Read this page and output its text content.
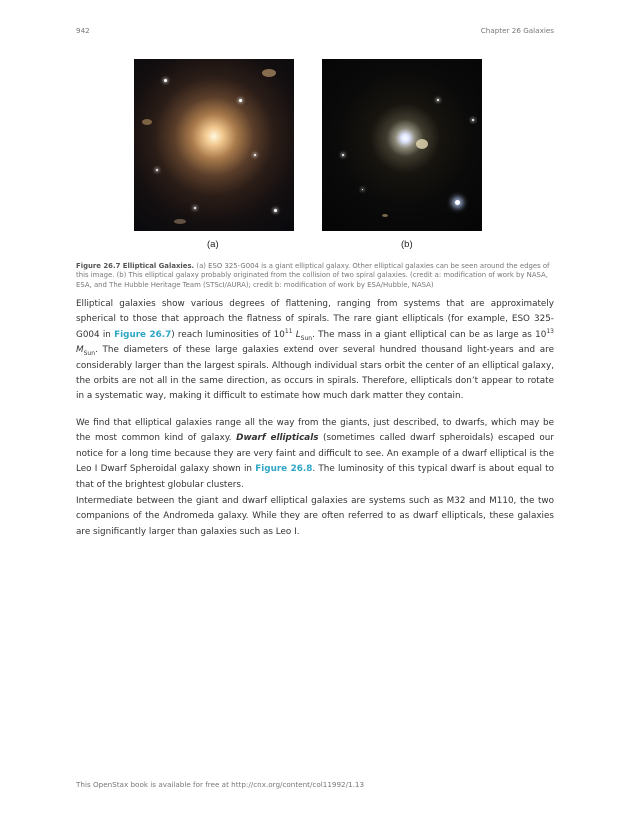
942	Chapter 26 Galaxies
(a)	(b)
Figure 26.7 Elliptical Galaxies. (a) ESO 325-G004 is a giant elliptical galaxy. Other elliptical galaxies can be seen around the edges of this image. (b) This elliptical galaxy probably originated from the collision of two spiral galaxies. (credit a: modification of work by NASA, ESA, and The Hubble Heritage Team (STScI/AURA); credit b: modification of work by ESA/Hubble, NASA)
Elliptical galaxies show various degrees of flattening, ranging from systems that are approximately spherical to those that approach the flatness of spirals. The rare giant ellipticals (for example, ESO 325-G004 in Figure 26.7) reach luminosities of $10^{11}$ $L_{Sun}$. The mass in a giant elliptical can be as large as $10^{13}$ $M_{Sun}$. The diameters of these large galaxies extend over several hundred thousand light-years and are considerably larger than the largest spirals. Although individual stars orbit the center of an elliptical galaxy, the orbits are not all in the same direction, as occurs in spirals. Therefore, ellipticals don’t appear to rotate in a systematic way, making it difficult to estimate how much dark matter they contain.
We find that elliptical galaxies range all the way from the giants, just described, to dwarfs, which may be the most common kind of galaxy. Dwarf ellipticals (sometimes called dwarf spheroidals) escaped our notice for a long time because they are very faint and difficult to see. An example of a dwarf elliptical is the Leo I Dwarf Spheroidal galaxy shown in Figure 26.8. The luminosity of this typical dwarf is about equal to that of the brightest globular clusters.
Intermediate between the giant and dwarf elliptical galaxies are systems such as M32 and M110, the two companions of the Andromeda galaxy. While they are often referred to as dwarf ellipticals, these galaxies are significantly larger than galaxies such as Leo I.
This OpenStax book is available for free at http://cnx.org/content/col11992/1.13
